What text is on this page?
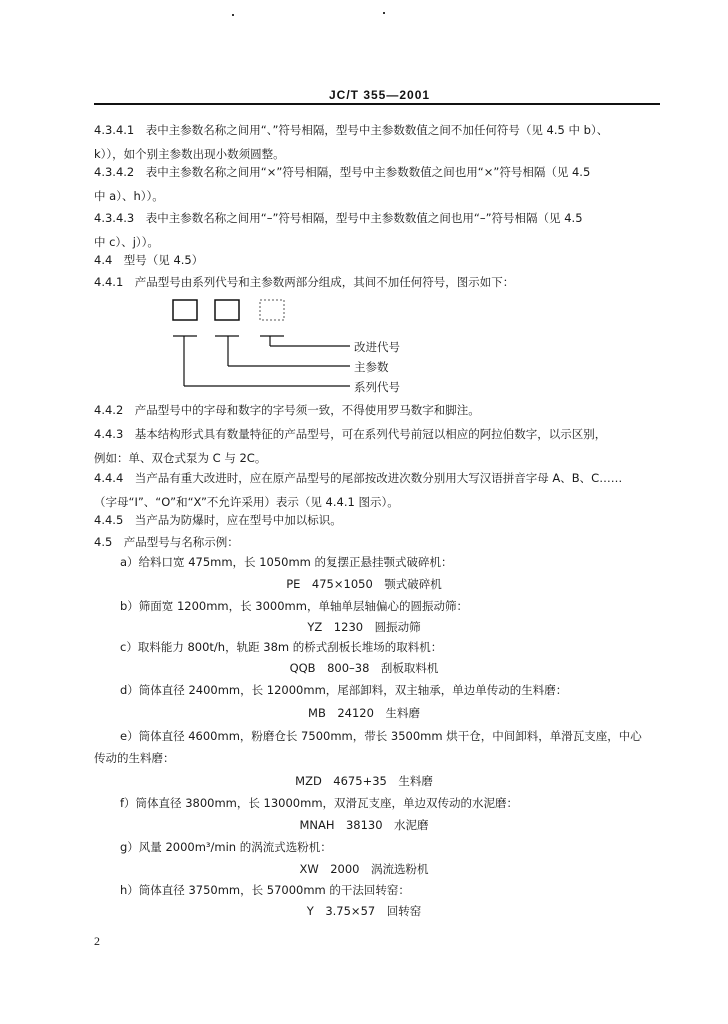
JC/T 355—2001
4.3.4.1　表中主参数名称之间用“、”符号相隔，型号中主参数数值之间不加任何符号（见 4.5 中 b）、
k）），如个别主参数出现小数须圆整。
4.3.4.2　表中主参数名称之间用“×”符号相隔，型号中主参数数值之间也用“×”符号相隔（见 4.5
中 a）、h））。
4.3.4.3　表中主参数名称之间用“–”符号相隔，型号中主参数数值之间也用“–”符号相隔（见 4.5
中 c）、j））。
4.4　型号（见 4.5）
4.4.1　产品型号由系列代号和主参数两部分组成，其间不加任何符号，图示如下：
改进代号
主参数
系列代号
4.4.2　产品型号中的字母和数字的字号须一致，不得使用罗马数字和脚注。
4.4.3　基本结构形式具有数量特征的产品型号，可在系列代号前冠以相应的阿拉伯数字，以示区别，
例如：单、双仓式泵为 C 与 2C。
4.4.4　当产品有重大改进时，应在原产品型号的尾部按改进次数分别用大写汉语拼音字母 A、B、C……
（字母“I”、“O”和“X”不允许采用）表示（见 4.4.1 图示）。
4.4.5　当产品为防爆时，应在型号中加以标识。
4.5　产品型号与名称示例：
a）给料口宽 475mm，长 1050mm 的复摆正悬挂颚式破碎机：
PE　475×1050　颚式破碎机
b）筛面宽 1200mm，长 3000mm，单轴单层轴偏心的圆振动筛：
YZ　1230　圆振动筛
c）取料能力 800t/h，轨距 38m 的桥式刮板长堆场的取料机：
QQB　800–38　刮板取料机
d）筒体直径 2400mm，长 12000mm，尾部卸料，双主轴承，单边单传动的生料磨：
MB　24120　生料磨
e）筒体直径 4600mm，粉磨仓长 7500mm，带长 3500mm 烘干仓，中间卸料，单滑瓦支座，中心
传动的生料磨：
MZD　4675+35　生料磨
f）筒体直径 3800mm，长 13000mm，双滑瓦支座，单边双传动的水泥磨：
MNAH　38130　水泥磨
g）风量 2000m³/min 的涡流式选粉机：
XW　2000　涡流选粉机
h）筒体直径 3750mm，长 57000mm 的干法回转窑：
Y　3.75×57　回转窑
2
